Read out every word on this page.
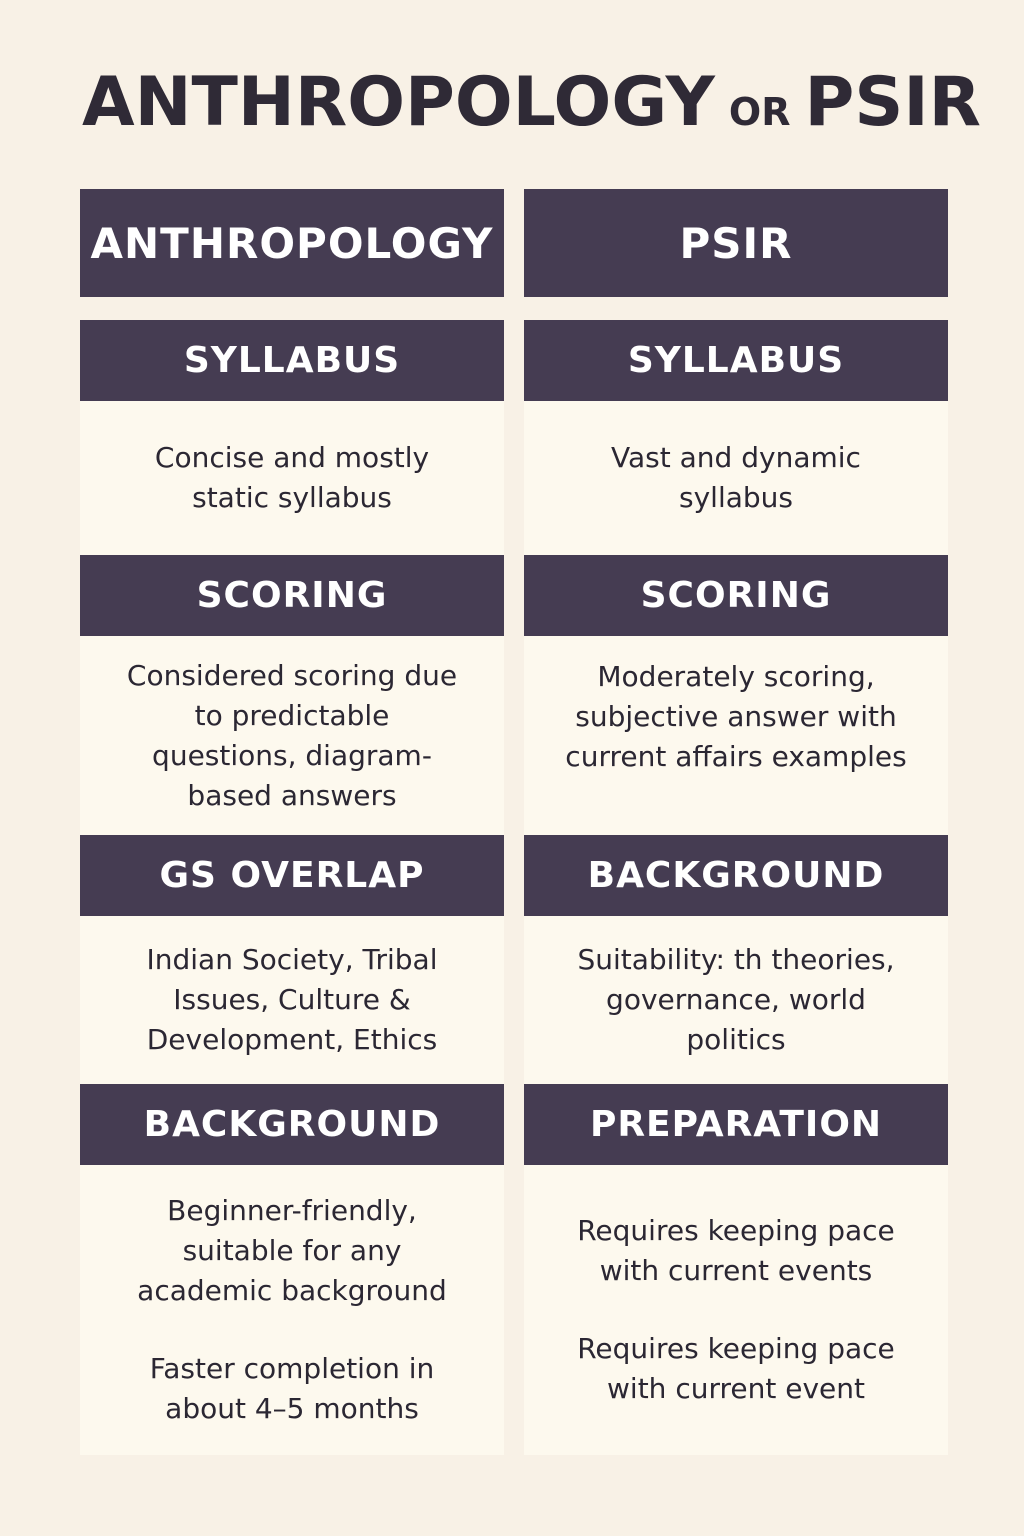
ANTHROPOLOGY OR PSIR
ANTHROPOLOGY
SYLLABUS

Concise and mostly static syllabus

SCORING

Considered scoring due to predictable questions, diagram-based answers

GS OVERLAP

Indian Society, Tribal Issues, Culture & Development, Ethics

BACKGROUND

Beginner-friendly, suitable for any academic background

Faster completion in about 4–5 months

PSIR
SYLLABUS

Vast and dynamic syllabus

SCORING

Moderately scoring, subjective answer with current affairs examples

BACKGROUND

Suitability: th theories, governance, world politics

PREPARATION

Requires keeping pace with current events

Requires keeping pace with current event
